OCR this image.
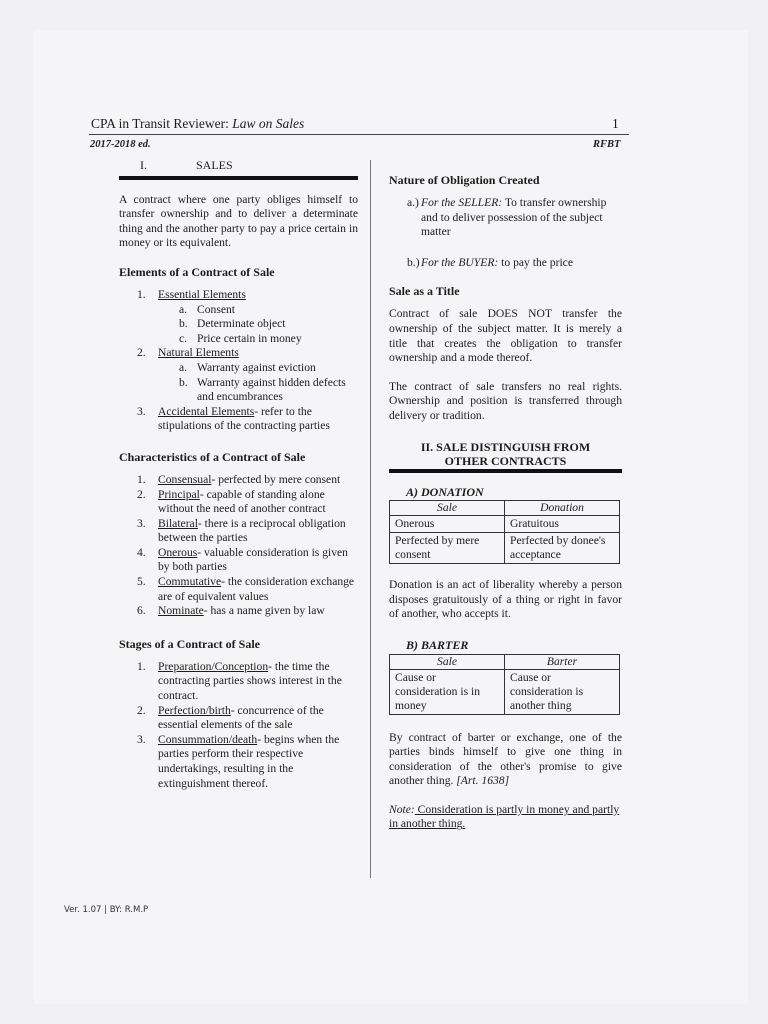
CPA in Transit Reviewer: Law on Sales	1
2017-2018 ed.	RFBT
I.	SALES

A contract where one party obliges himself to transfer ownership and to deliver a determinate thing and the another party to pay a price certain in money or its equivalent.

Elements of a Contract of Sale
1. Essential Elements
a. Consent
b. Determinate object
c. Price certain in money
2. Natural Elements
a. Warranty against eviction
b. Warranty against hidden defects and encumbrances
3. Accidental Elements- refer to the stipulations of the contracting parties
Characteristics of a Contract of Sale
1. Consensual- perfected by mere consent
2. Principal- capable of standing alone without the need of another contract
3. Bilateral- there is a reciprocal obligation between the parties
4. Onerous- valuable consideration is given by both parties
5. Commutative- the consideration exchange are of equivalent values
6. Nominate- has a name given by law
Stages of a Contract of Sale
1. Preparation/Conception- the time the contracting parties shows interest in the contract.
2. Perfection/birth- concurrence of the essential elements of the sale
3. Consummation/death- begins when the parties perform their respective undertakings, resulting in the extinguishment thereof.
Nature of Obligation Created
a.) For the SELLER: To transfer ownership and to deliver possession of the subject matter
b.) For the BUYER: to pay the price
Sale as a Title

Contract of sale DOES NOT transfer the ownership of the subject matter. It is merely a title that creates the obligation to transfer ownership and a mode thereof.

The contract of sale transfers no real rights. Ownership and position is transferred through delivery or tradition.

II. SALE DISTINGUISH FROM
OTHER CONTRACTS
A) DONATION
Sale	Donation
Onerous	Gratuitous
Perfected by mere consent	Perfected by donee's acceptance

Donation is an act of liberality whereby a person disposes gratuitously of a thing or right in favor of another, who accepts it.

B) BARTER
Sale	Barter
Cause or consideration is in money	Cause or consideration is another thing

By contract of barter or exchange, one of the parties binds himself to give one thing in consideration of the other's promise to give another thing. [Art. 1638]

Note: Consideration is partly in money and partly in another thing.

Ver. 1.07 | BY: R.M.P
